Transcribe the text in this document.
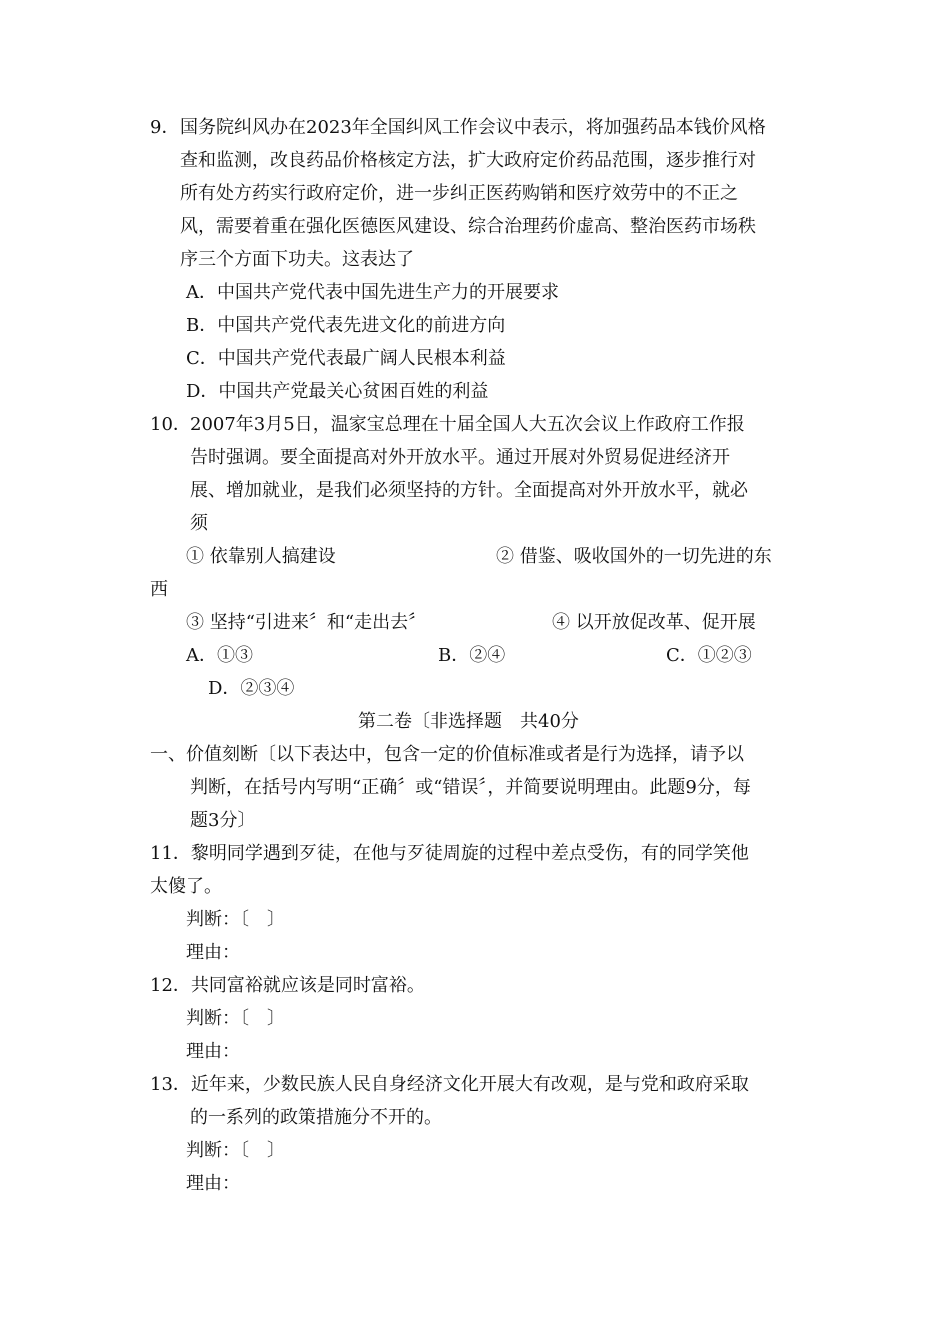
9． 国务院纠风办在2023年全国纠风工作会议中表示，将加强药品本钱价风格
查和监测，改良药品价格核定方法，扩大政府定价药品范围，逐步推行对
所有处方药实行政府定价，进一步纠正医药购销和医疗效劳中的不正之
风，需要着重在强化医德医风建设、综合治理药价虚高、整治医药市场秩
序三个方面下功夫。这表达了
A．中国共产党代表中国先进生产力的开展要求
B．中国共产党代表先进文化的前进方向
C．中国共产党代表最广阔人民根本利益
D．中国共产党最关心贫困百姓的利益
10． 2007年3月5日，温家宝总理在十届全国人大五次会议上作政府工作报
告时强调。要全面提高对外开放水平。通过开展对外贸易促进经济开
展、增加就业，是我们必须坚持的方针。全面提高对外开放水平，就必
须
① 依靠别人搞建设	② 借鉴、吸收国外的一切先进的东
西
③ 坚持“引进来〞和“走出去〞	④ 以开放促改革、促开展
A．①③	B．②④	C．①②③
D．②③④
第二卷〔非选择题　共40分
一、价值刻断〔以下表达中，包含一定的价值标准或者是行为选择，请予以
判断，在括号内写明“正确〞或“错误〞，并简要说明理由。此题9分，每
题3分〕
11．黎明同学遇到歹徒，在他与歹徒周旋的过程中差点受伤，有的同学笑他
太傻了。
判断：〔　〕
理由：
12．共同富裕就应该是同时富裕。
判断：〔　〕
理由：
13．近年来，少数民族人民自身经济文化开展大有改观，是与党和政府采取
的一系列的政策措施分不开的。
判断：〔　〕
理由：
